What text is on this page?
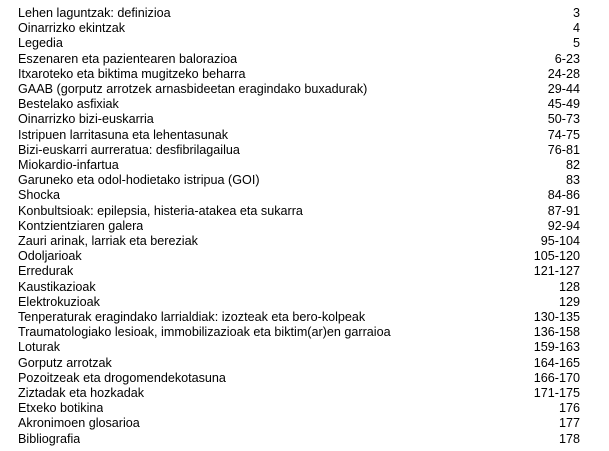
Lehen laguntzak: definizioa	3
Oinarrizko ekintzak	4
Legedia	5
Eszenaren eta pazientearen balorazioa	6-23
Itxaroteko eta biktima mugitzeko beharra	24-28
GAAB (gorputz arrotzek arnasbideetan eragindako buxadurak)	29-44
Bestelako asfixiak	45-49
Oinarrizko bizi-euskarria	50-73
Istripuen larritasuna eta lehentasunak	74-75
Bizi-euskarri aurreratua: desfibrilagailua	76-81
Miokardio-infartua	82
Garuneko eta odol-hodietako istripua (GOI)	83
Shocka	84-86
Konbultsioak: epilepsia, histeria-atakea eta sukarra	87-91
Kontzientziaren galera	92-94
Zauri arinak, larriak eta bereziak	95-104
Odoljarioak	105-120
Erredurak	121-127
Kaustikazioak	128
Elektrokuzioak	129
Tenperaturak eragindako larrialdiak: izozteak eta bero-kolpeak	130-135
Traumatologiako lesioak, immobilizazioak eta biktim(ar)en garraioa	136-158
Loturak	159-163
Gorputz arrotzak	164-165
Pozoitzeak eta drogomendekotasuna	166-170
Ziztadak eta hozkadak	171-175
Etxeko botikina	176
Akronimoen glosarioa	177
Bibliografia	178
